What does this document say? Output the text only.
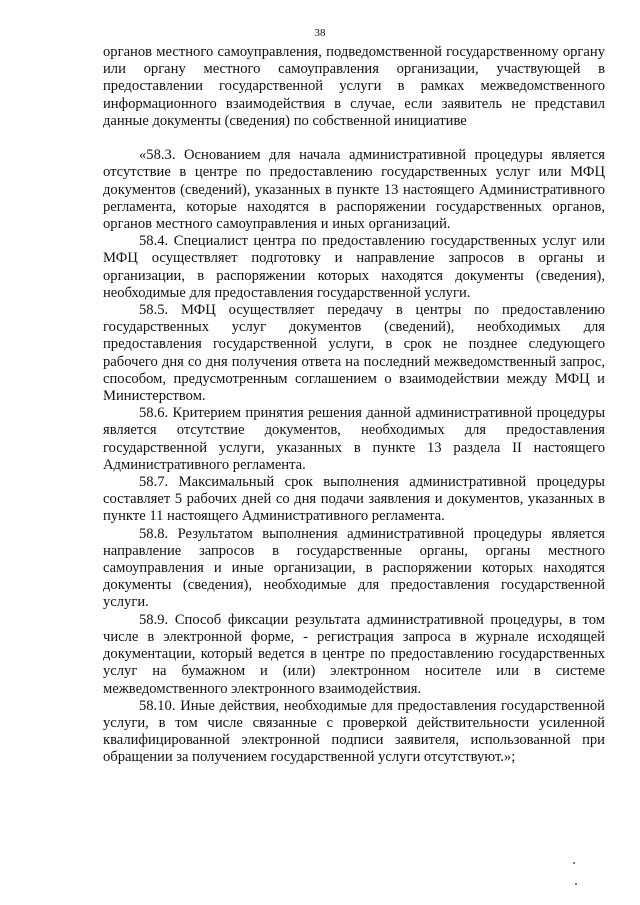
38

органов местного самоуправления, подведомственной государственному органу или органу местного самоуправления организации, участвующей в предоставлении государственной услуги в рамках межведомственного информационного взаимодействия в случае, если заявитель не представил данные документы (сведения) по собственной инициативе

«58.3. Основанием для начала административной процедуры является отсутствие в центре по предоставлению государственных услуг или МФЦ документов (сведений), указанных в пункте 13 настоящего Административного регламента, которые находятся в распоряжении государственных органов, органов местного самоуправления и иных организаций.

58.4. Специалист центра по предоставлению государственных услуг или МФЦ осуществляет подготовку и направление запросов в органы и организации, в распоряжении которых находятся документы (сведения), необходимые для предоставления государственной услуги.

58.5. МФЦ осуществляет передачу в центры по предоставлению государственных услуг документов (сведений), необходимых для предоставления государственной услуги, в срок не позднее следующего рабочего дня со дня получения ответа на последний межведомственный запрос, способом, предусмотренным соглашением о взаимодействии между МФЦ и Министерством.

58.6. Критерием принятия решения данной административной процедуры является отсутствие документов, необходимых для предоставления государственной услуги, указанных в пункте 13 раздела II настоящего Административного регламента.

58.7. Максимальный срок выполнения административной процедуры составляет 5 рабочих дней со дня подачи заявления и документов, указанных в пункте 11 настоящего Административного регламента.

58.8. Результатом выполнения административной процедуры является направление запросов в государственные органы, органы местного самоуправления и иные организации, в распоряжении которых находятся документы (сведения), необходимые для предоставления государственной услуги.

58.9. Способ фиксации результата административной процедуры, в том числе в электронной форме, - регистрация запроса в журнале исходящей документации, который ведется в центре по предоставлению государственных услуг на бумажном и (или) электронном носителе или в системе межведомственного электронного взаимодействия.

58.10. Иные действия, необходимые для предоставления государственной услуги, в том числе связанные с проверкой действительности усиленной квалифицированной электронной подписи заявителя, использованной при обращении за получением государственной услуги отсутствуют.»;
